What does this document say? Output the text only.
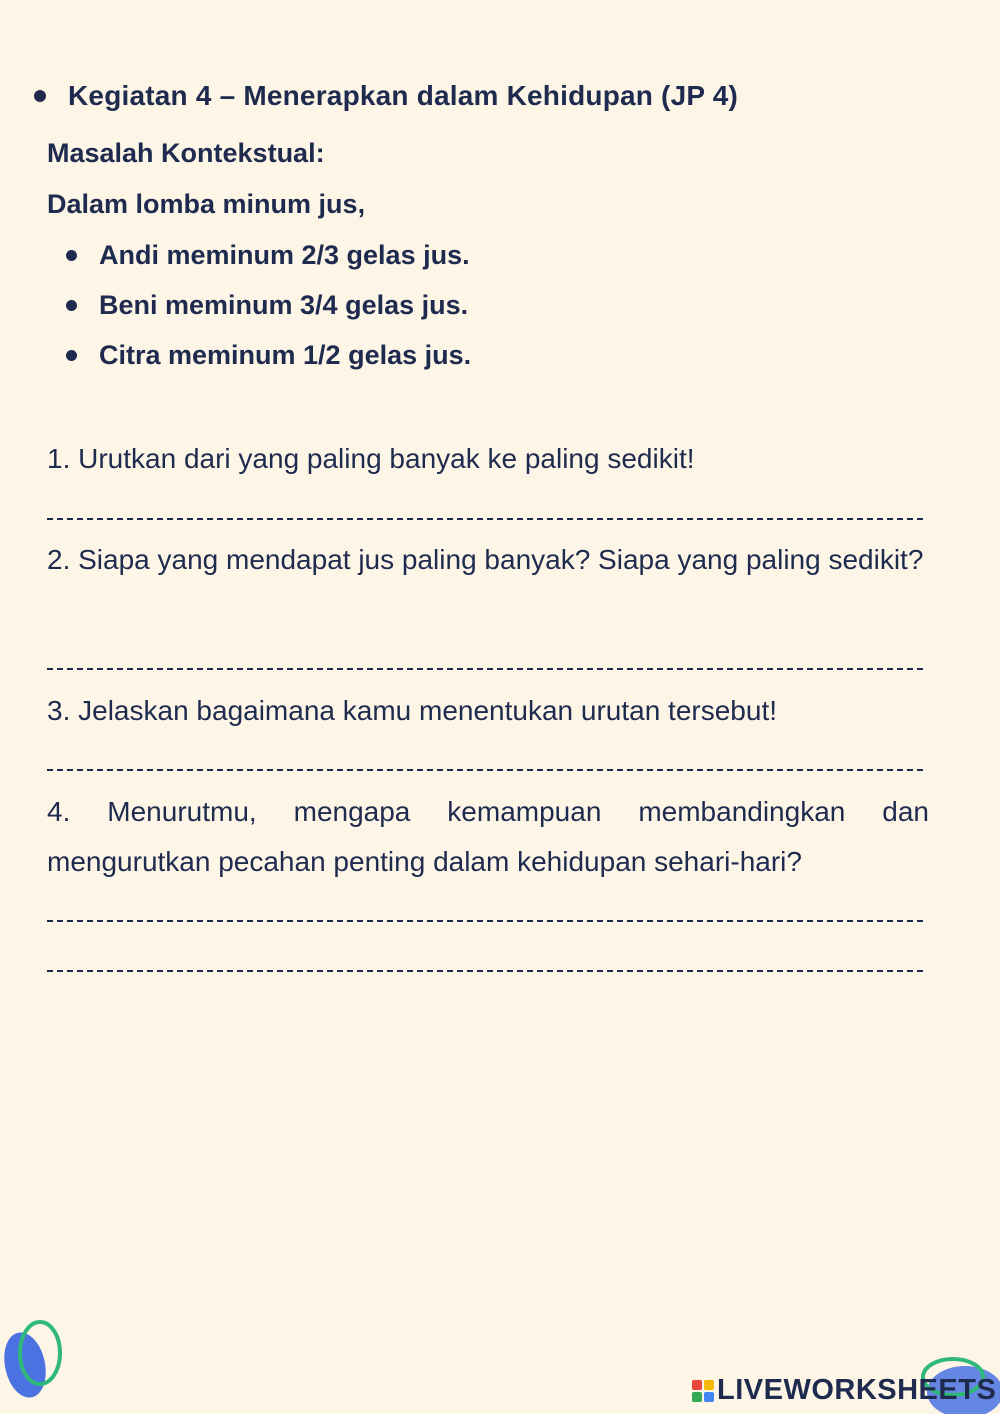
Kegiatan 4 – Menerapkan dalam Kehidupan (JP 4)
Masalah Kontekstual:
Dalam lomba minum jus,
Andi meminum 2/3 gelas jus.
Beni meminum 3/4 gelas jus.
Citra meminum 1/2 gelas jus.
1. Urutkan dari yang paling banyak ke paling sedikit!
2. Siapa yang mendapat jus paling banyak? Siapa yang paling sedikit?
3. Jelaskan bagaimana kamu menentukan urutan tersebut!
4. Menurutmu, mengapa kemampuan membandingkan dan mengurutkan pecahan penting dalam kehidupan sehari-hari?
LIVEWORKSHEETS
